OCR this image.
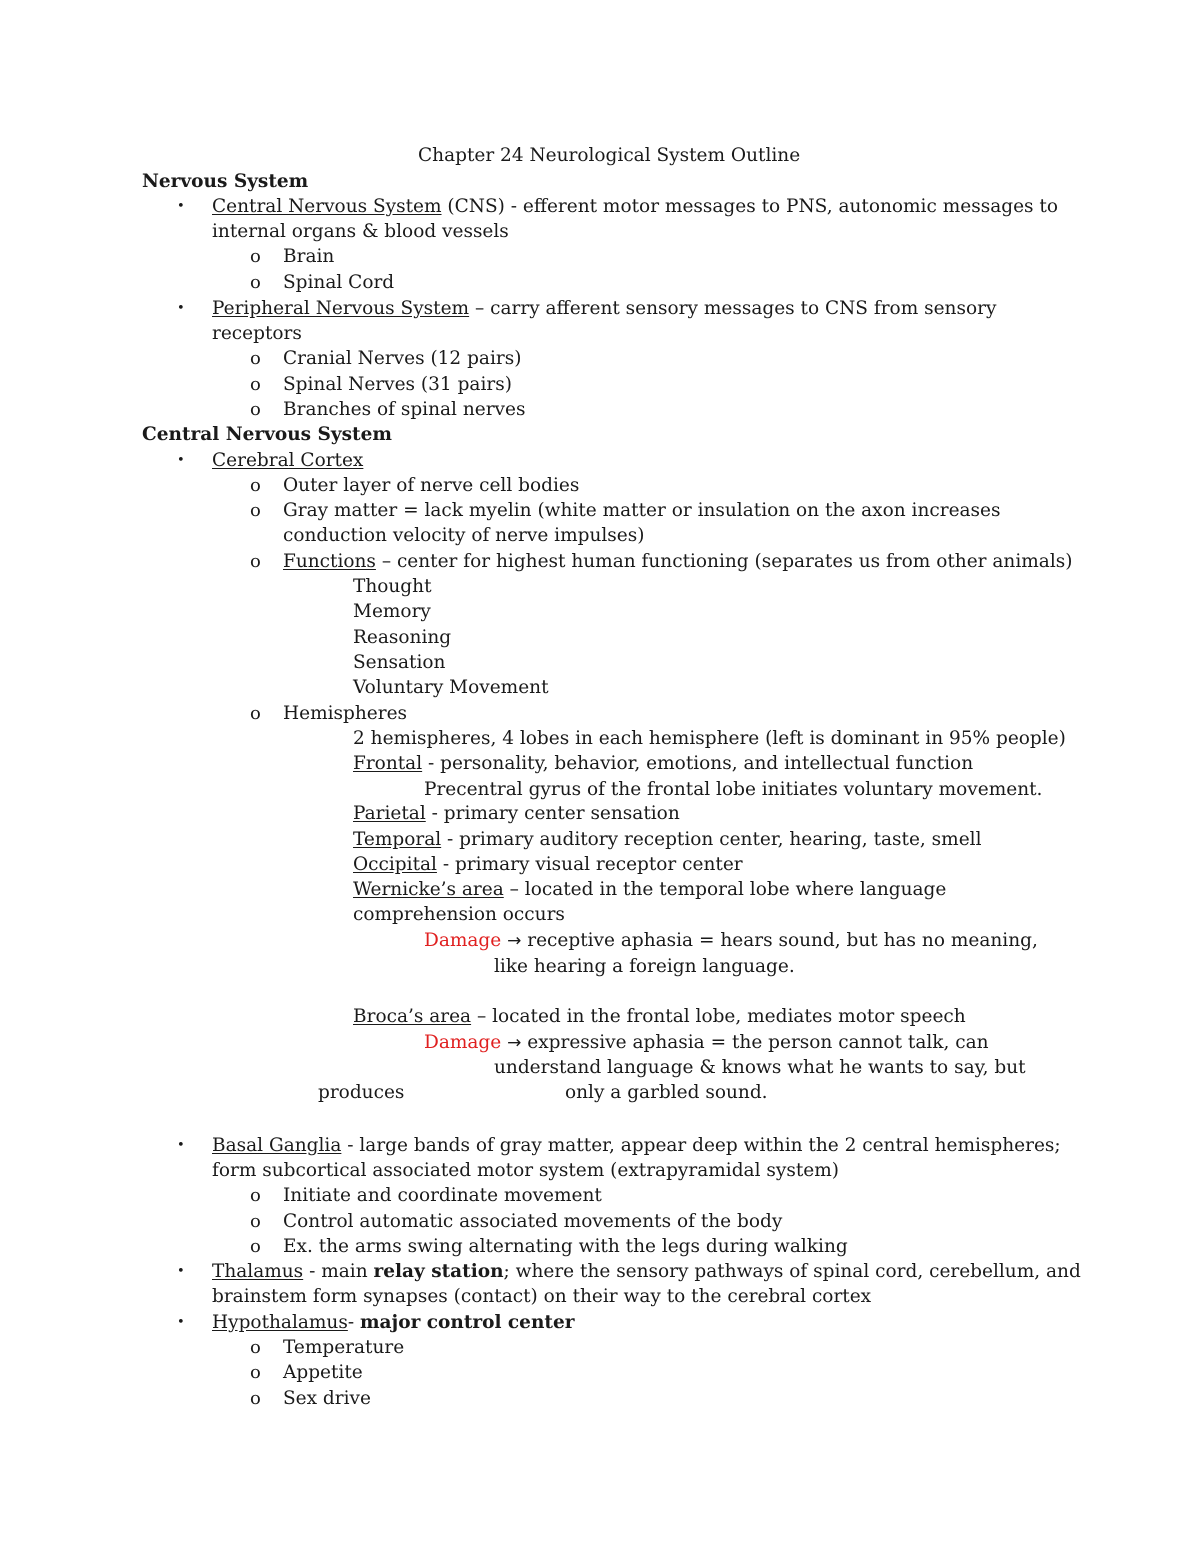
Chapter 24 Neurological System Outline
Nervous System
• Central Nervous System (CNS) - efferent motor messages to PNS, autonomic messages to
internal organs & blood vessels
o Brain
o Spinal Cord
• Peripheral Nervous System – carry afferent sensory messages to CNS from sensory
receptors
o Cranial Nerves (12 pairs)
o Spinal Nerves (31 pairs)
o Branches of spinal nerves
Central Nervous System
• Cerebral Cortex
o Outer layer of nerve cell bodies
o Gray matter = lack myelin (white matter or insulation on the axon increases
conduction velocity of nerve impulses)
o Functions – center for highest human functioning (separates us from other animals)
Thought
Memory
Reasoning
Sensation
Voluntary Movement
o Hemispheres
2 hemispheres, 4 lobes in each hemisphere (left is dominant in 95% people)
Frontal - personality, behavior, emotions, and intellectual function
Precentral gyrus of the frontal lobe initiates voluntary movement.
Parietal - primary center sensation
Temporal - primary auditory reception center, hearing, taste, smell
Occipital - primary visual receptor center
Wernicke’s area – located in the temporal lobe where language
comprehension occurs
Damage → receptive aphasia = hears sound, but has no meaning,
like hearing a foreign language.
Broca’s area – located in the frontal lobe, mediates motor speech
Damage → expressive aphasia = the person cannot talk, can
understand language & knows what he wants to say, but
produces	only a garbled sound.
• Basal Ganglia - large bands of gray matter, appear deep within the 2 central hemispheres;
form subcortical associated motor system (extrapyramidal system)
o Initiate and coordinate movement
o Control automatic associated movements of the body
o Ex. the arms swing alternating with the legs during walking
• Thalamus - main relay station; where the sensory pathways of spinal cord, cerebellum, and
brainstem form synapses (contact) on their way to the cerebral cortex
• Hypothalamus- major control center
o Temperature
o Appetite
o Sex drive
